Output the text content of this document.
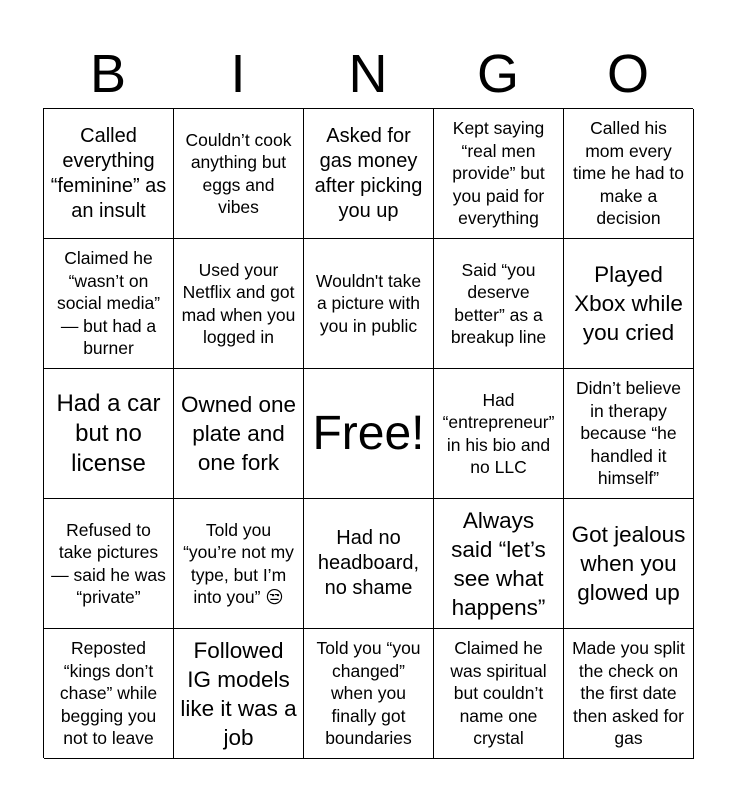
B	I	N	G	O
Called everything “feminine” as an insult
Couldn’t cook anything but eggs and vibes
Asked for gas money after picking you up
Kept saying “real men provide” but you paid for everything
Called his mom every time he had to make a decision
Claimed he “wasn’t on social media” — but had a burner
Used your Netflix and got mad when you logged in
Wouldn't take a picture with you in public
Said “you deserve better” as a breakup line
Played Xbox while you cried
Had a car but no license
Owned one plate and one fork
Free!
Had “entrepreneur” in his bio and no LLC
Didn’t believe in therapy because “he handled it himself”
Refused to take pictures — said he was “private”
Told you “you’re not my type, but I’m into you” 😒
Had no headboard, no shame
Always said “let’s see what happens”
Got jealous when you glowed up
Reposted “kings don’t chase” while begging you not to leave
Followed IG models like it was a job
Told you “you changed” when you finally got boundaries
Claimed he was spiritual but couldn’t name one crystal
Made you split the check on the first date then asked for gas
